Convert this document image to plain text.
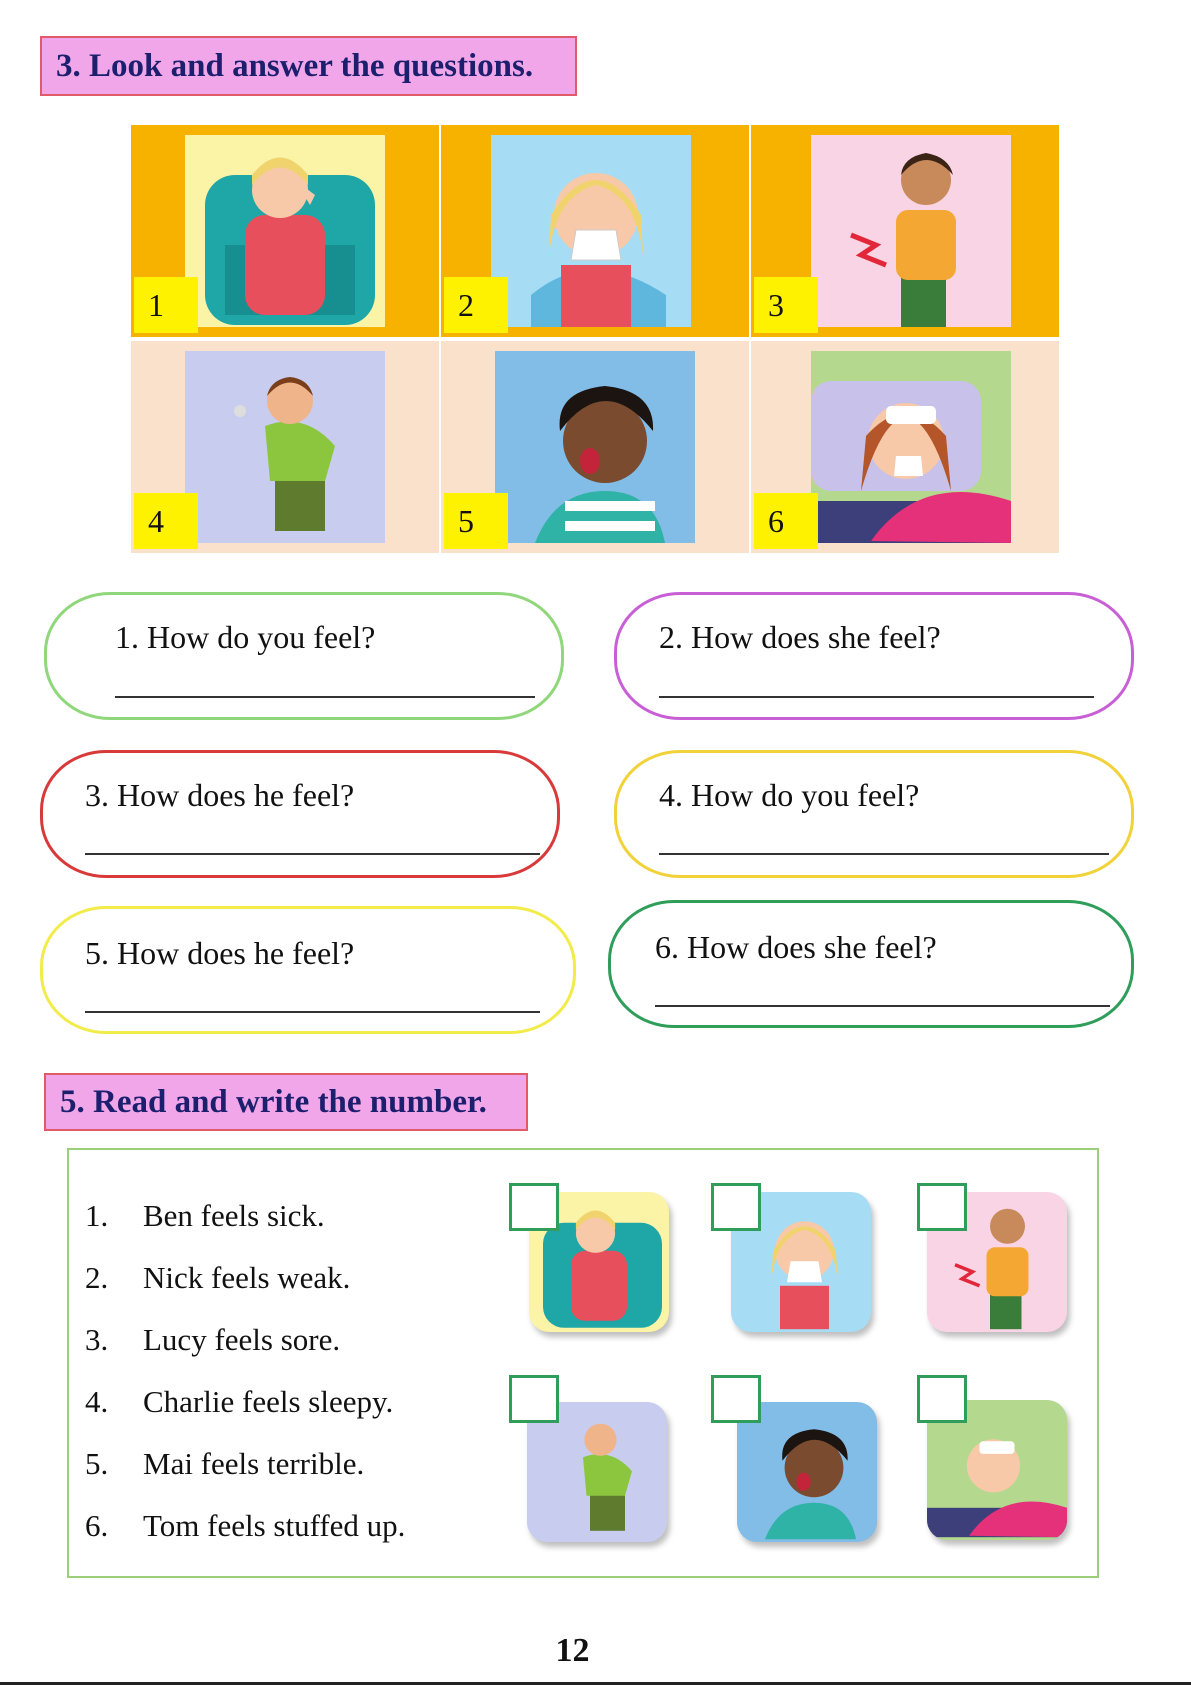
3. Look and answer the questions.
1	2	3
4	5	6
1. How do you feel?	2. How does she feel?
3. How does he feel?	4. How do you feel?
5. How does he feel?	6. How does she feel?
5. Read and write the number.
1. Ben feels sick.
2. Nick feels weak.
3. Lucy feels sore.
4. Charlie feels sleepy.
5. Mai feels terrible.
6. Tom feels stuffed up.
12
